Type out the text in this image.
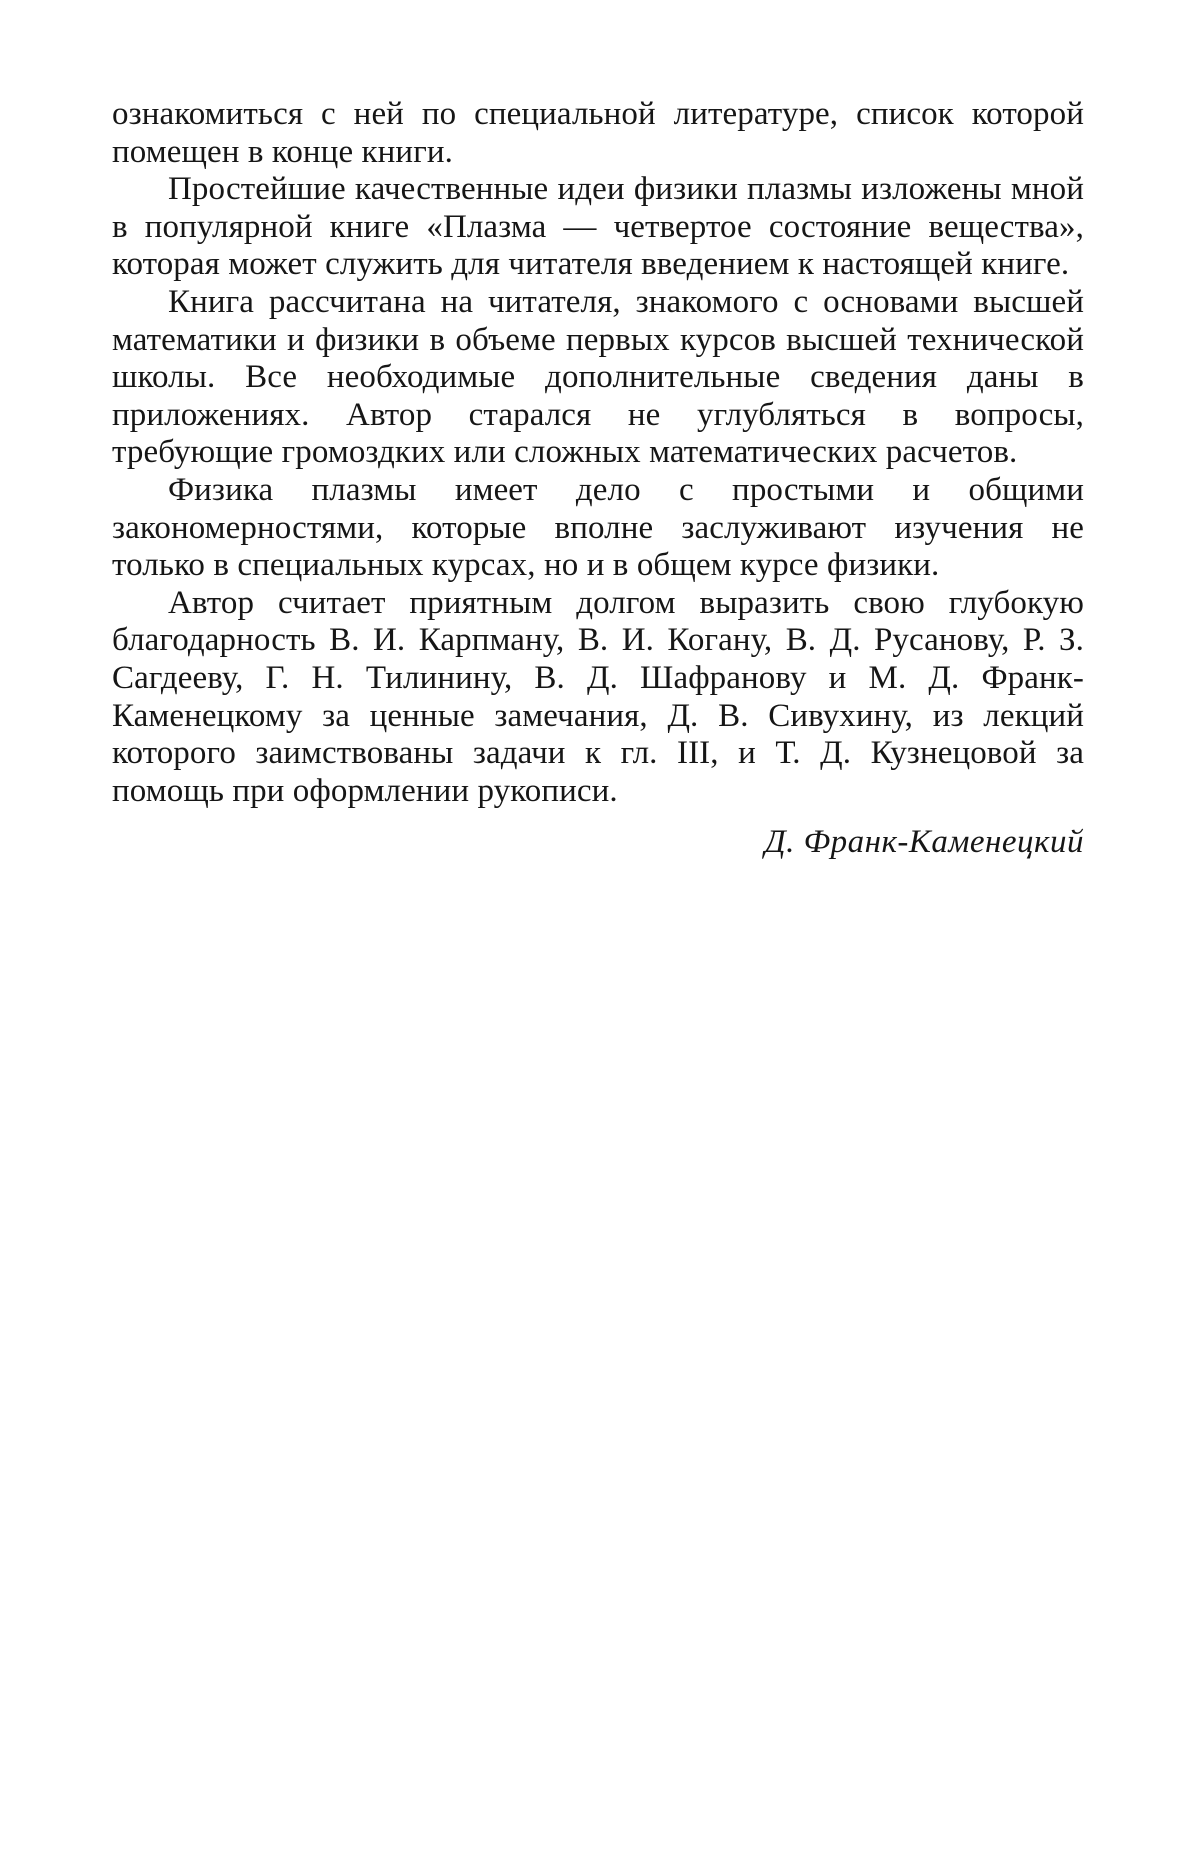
ознакомиться с ней по специальной литературе, список которой помещен в конце книги.

Простейшие качественные идеи физики плазмы изложены мной в популярной книге «Плазма — четвертое состояние вещества», которая может служить для читателя введением к настоящей книге.

Книга рассчитана на читателя, знакомого с основами высшей математики и физики в объеме первых курсов высшей технической школы. Все необходимые дополнительные сведения даны в приложениях. Автор старался не углубляться в вопросы, требующие громоздких или сложных математических расчетов.

Физика плазмы имеет дело с простыми и общими закономерностями, которые вполне заслуживают изучения не только в специальных курсах, но и в общем курсе физики.

Автор считает приятным долгом выразить свою глубокую благодарность В. И. Карпману, В. И. Когану, В. Д. Русанову, Р. З. Сагдееву, Г. Н. Тилинину, В. Д. Шафранову и М. Д. Франк-Каменецкому за ценные замечания, Д. В. Сивухину, из лекций которого заимствованы задачи к гл. III, и Т. Д. Кузнецовой за помощь при оформлении рукописи.

Д. Франк-Каменецкий
